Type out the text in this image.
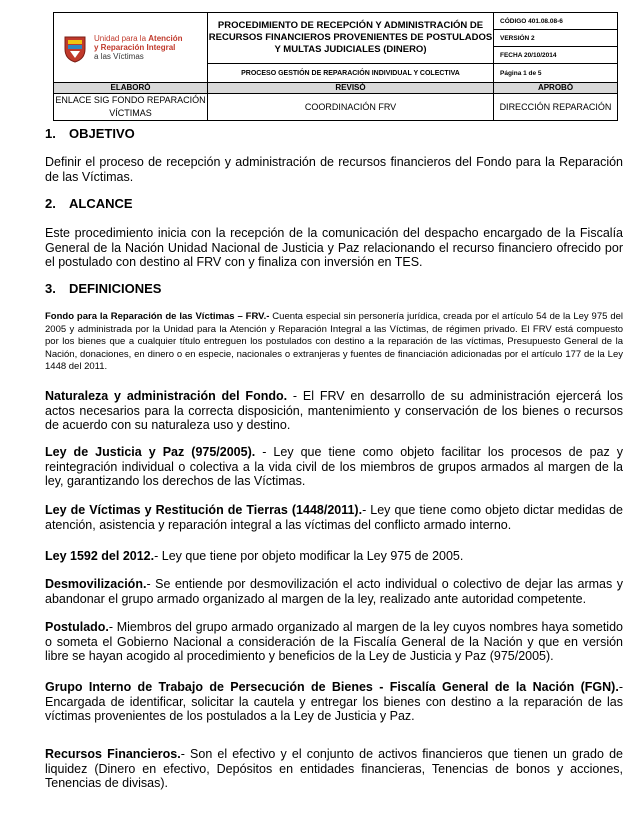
Unidad para la Atención
y Reparación Integral
a las Víctimas	PROCEDIMIENTO DE RECEPCIÓN Y ADMINISTRACIÓN DE RECURSOS FINANCIEROS PROVENIENTES DE POSTULADOS Y MULTAS JUDICIALES (DINERO)	CÓDIGO 401.08.08-6
		VERSIÓN 2
		FECHA 20/10/2014
	PROCESO GESTIÓN DE REPARACIÓN INDIVIDUAL Y COLECTIVA	Página 1 de 5
ELABORÓ	REVISÓ	APROBÓ
ENLACE SIG FONDO REPARACIÓN VÍCTIMAS	COORDINACIÓN FRV	DIRECCIÓN REPARACIÓN
1. OBJETIVO

Definir el proceso de recepción y administración de recursos financieros del Fondo para la Reparación de las Víctimas.

2. ALCANCE

Este procedimiento inicia con la recepción de la comunicación del despacho encargado de la Fiscalía General de la Nación Unidad Nacional de Justicia y Paz relacionando el recurso financiero ofrecido por el postulado con destino al FRV con y finaliza con inversión en TES.

3. DEFINICIONES

Fondo para la Reparación de las Víctimas – FRV.- Cuenta especial sin personería jurídica, creada por el artículo 54 de la Ley 975 del 2005 y administrada por la Unidad para la Atención y Reparación Integral a las Víctimas, de régimen privado. El FRV está compuesto por los bienes que a cualquier título entreguen los postulados con destino a la reparación de las víctimas, Presupuesto General de la Nación, donaciones, en dinero o en especie, nacionales o extranjeras y fuentes de financiación adicionadas por el artículo 177 de la Ley 1448 del 2011.

Naturaleza y administración del Fondo. - El FRV en desarrollo de su administración ejercerá los actos necesarios para la correcta disposición, mantenimiento y conservación de los bienes o recursos de acuerdo con su naturaleza uso y destino.

Ley de Justicia y Paz (975/2005). - Ley que tiene como objeto facilitar los procesos de paz y reintegración individual o colectiva a la vida civil de los miembros de grupos armados al margen de la ley, garantizando los derechos de las Víctimas.

Ley de Víctimas y Restitución de Tierras (1448/2011).- Ley que tiene como objeto dictar medidas de atención, asistencia y reparación integral a las víctimas del conflicto armado interno.

Ley 1592 del 2012.- Ley que tiene por objeto modificar la Ley 975 de 2005.

Desmovilización.- Se entiende por desmovilización el acto individual o colectivo de dejar las armas y abandonar el grupo armado organizado al margen de la ley, realizado ante autoridad competente.

Postulado.- Miembros del grupo armado organizado al margen de la ley cuyos nombres haya sometido o someta el Gobierno Nacional a consideración de la Fiscalía General de la Nación y que en versión libre se hayan acogido al procedimiento y beneficios de la Ley de Justicia y Paz (975/2005).

Grupo Interno de Trabajo de Persecución de Bienes - Fiscalía General de la Nación (FGN).- Encargada de identificar, solicitar la cautela y entregar los bienes con destino a la reparación de las víctimas provenientes de los postulados a la Ley de Justicia y Paz.

Recursos Financieros.- Son el efectivo y el conjunto de activos financieros que tienen un grado de liquidez (Dinero en efectivo, Depósitos en entidades financieras, Tenencias de bonos y acciones, Tenencias de divisas).
